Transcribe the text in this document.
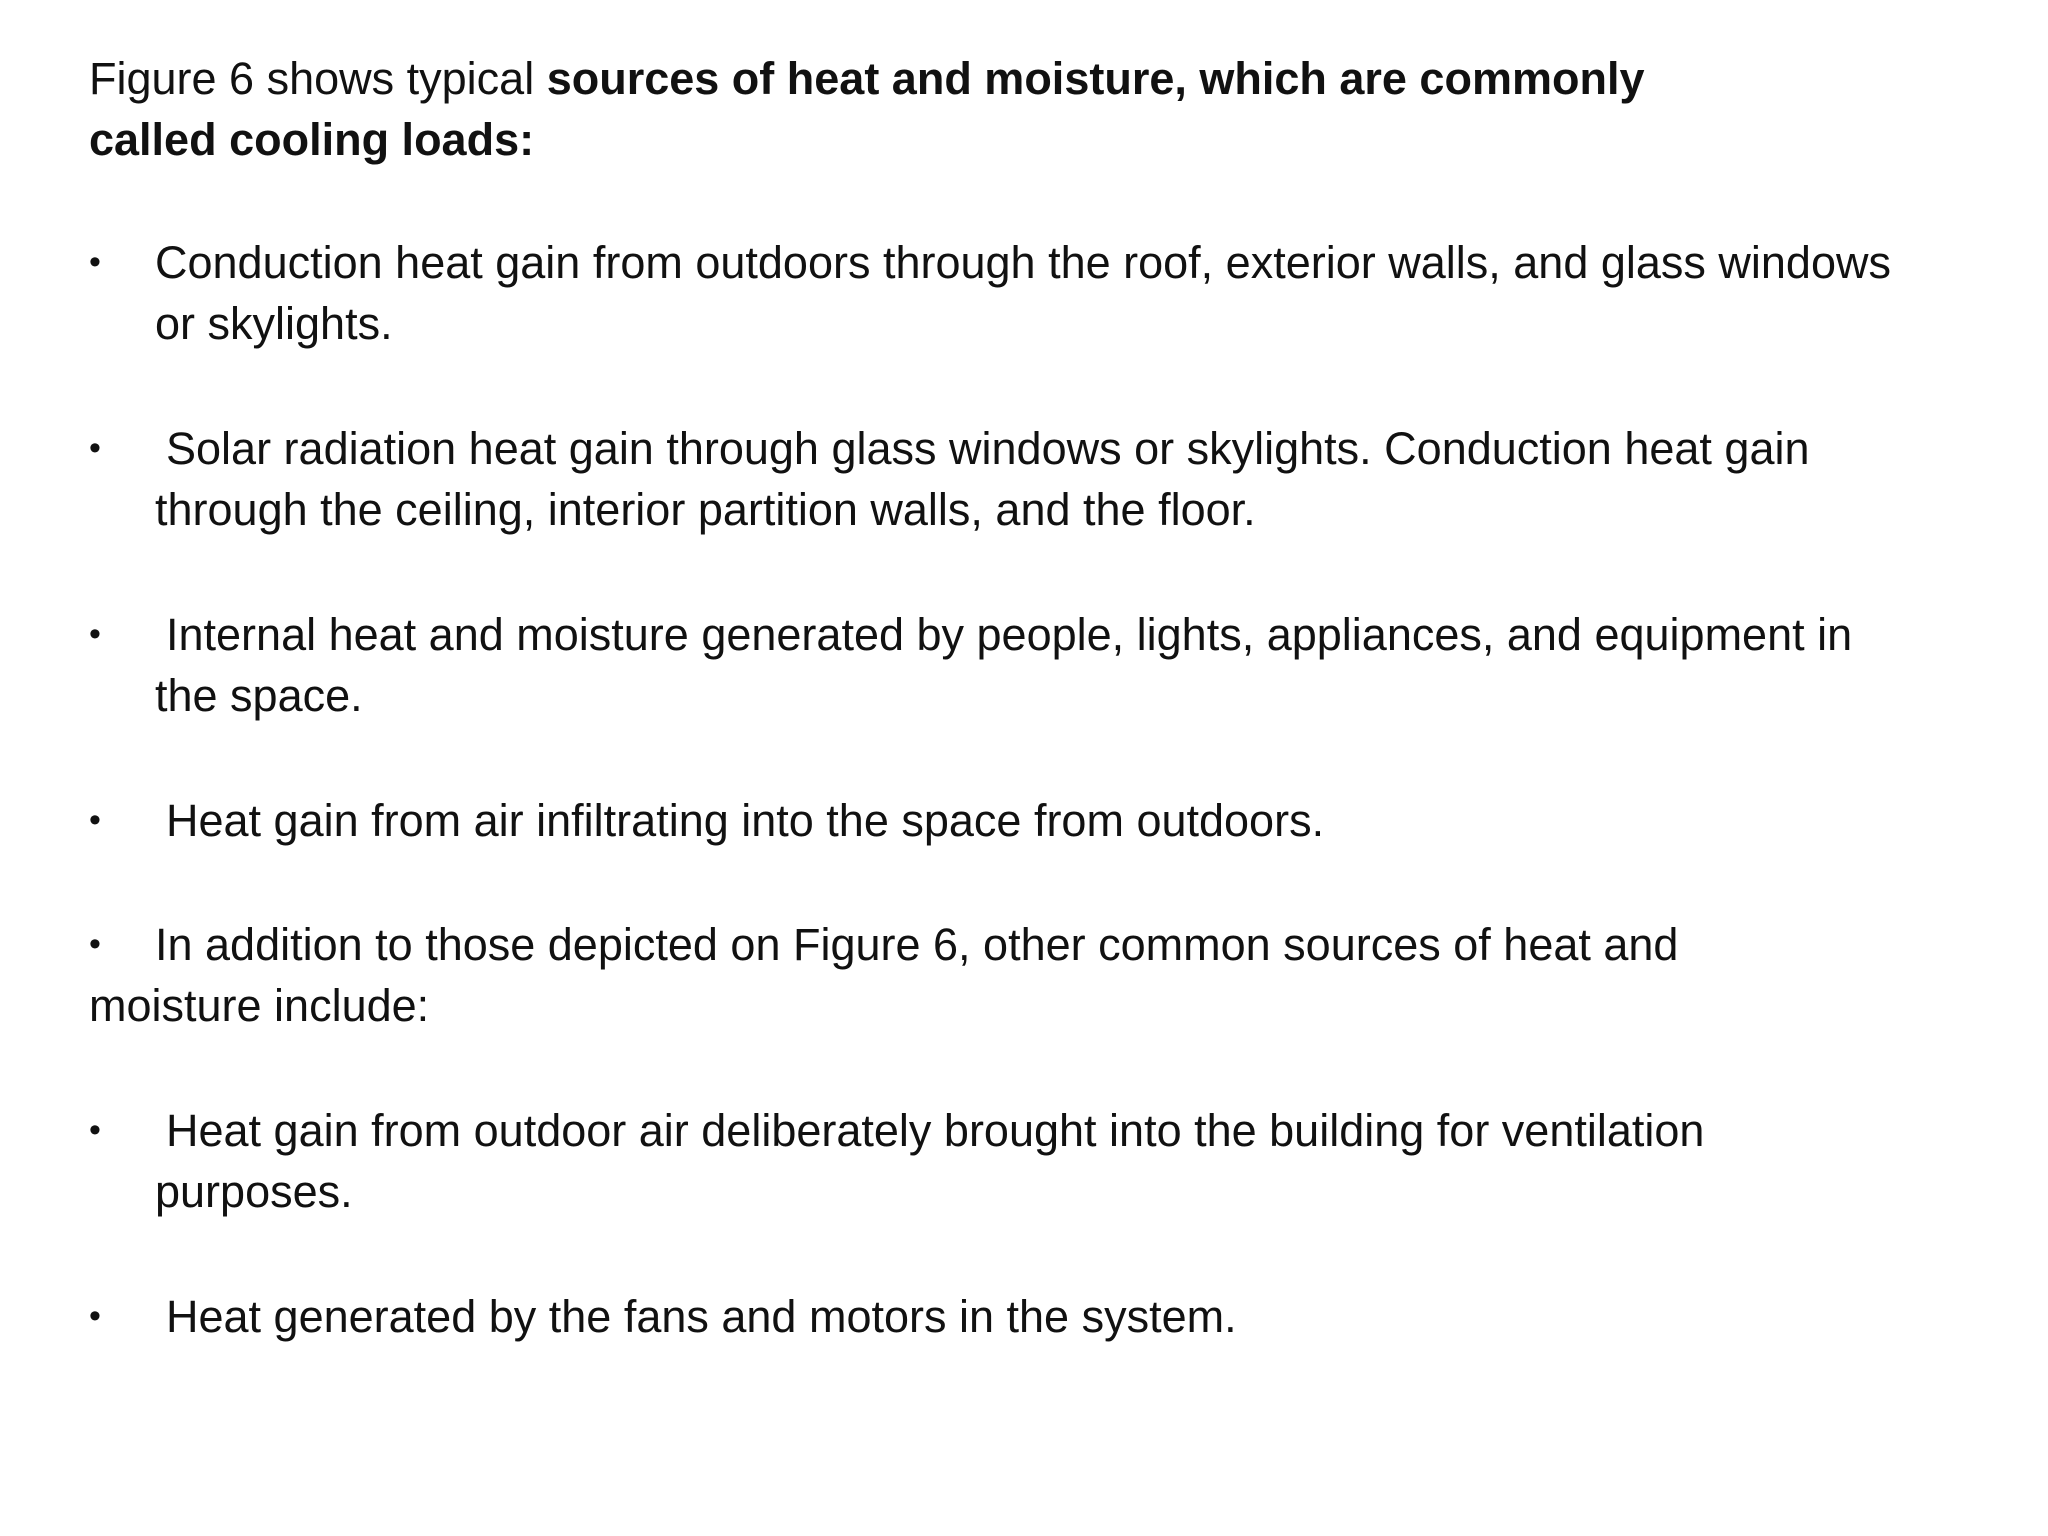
Figure 6 shows typical sources of heat and moisture, which are commonly
called cooling loads:
•	Conduction heat gain from outdoors through the roof, exterior walls, and glass windows
or skylights.
•	Solar radiation heat gain through glass windows or skylights. Conduction heat gain
through the ceiling, interior partition walls, and the floor.
•	Internal heat and moisture generated by people, lights, appliances, and equipment in
the space.
•	Heat gain from air infiltrating into the space from outdoors.
•	In addition to those depicted on Figure 6, other common sources of heat and
moisture include:
•	Heat gain from outdoor air deliberately brought into the building for ventilation
purposes.
•	Heat generated by the fans and motors in the system.
